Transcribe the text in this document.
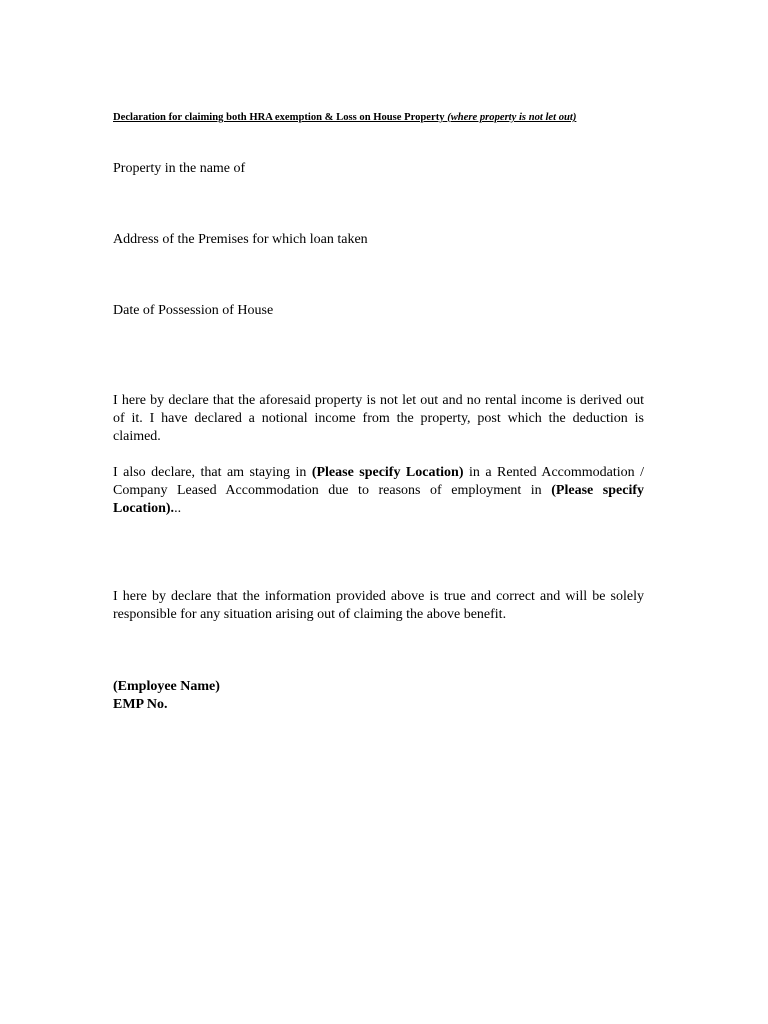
Declaration for claiming both HRA exemption & Loss on House Property (where property is not let out)
Property in the name of
Address of the Premises for which loan taken
Date of Possession of House
I here by declare that the aforesaid property is not let out and no rental income is derived out of it. I have declared a notional income from the property, post which the deduction is claimed.
I also declare, that am staying in (Please specify Location) in a Rented Accommodation / Company Leased Accommodation due to reasons of employment in (Please specify Location)...
I here by declare that the information provided above is true and correct and will be solely responsible for any situation arising out of claiming the above benefit.
(Employee Name)
EMP No.
